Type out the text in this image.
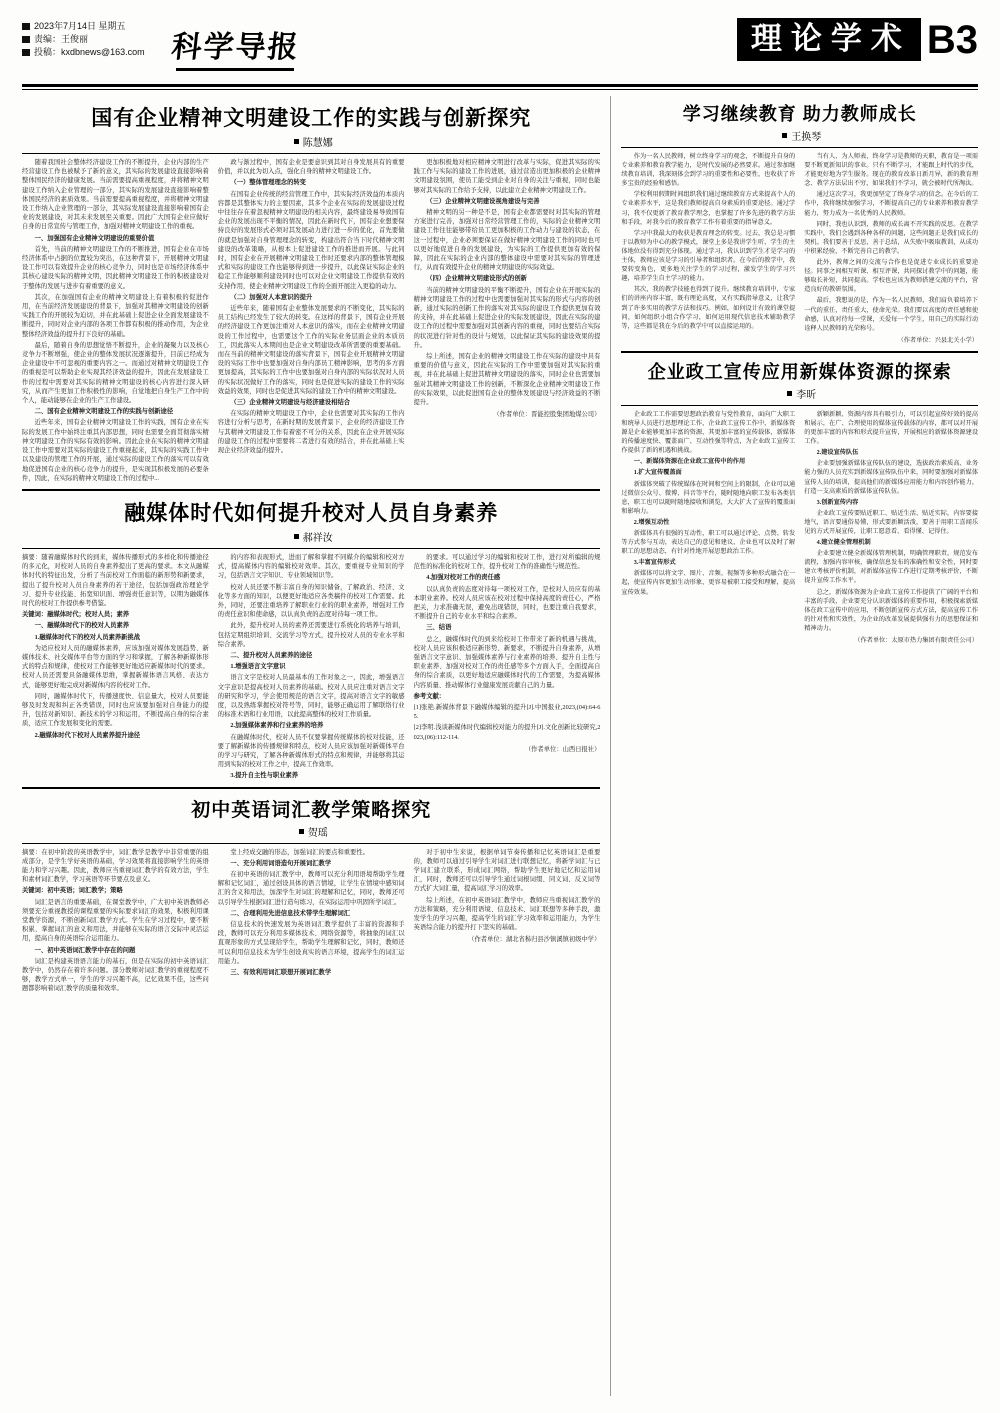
2023年7月14日 星期五
责编：王俊丽
投稿：kxdbnews@163.com 科学导报	理论学术 B3
国有企业精神文明建设工作的实践与创新探究
陈慧娜

随着我国社会整体经济建设工作的不断提升，企业内部的生产经营建设工作也被赋予了新的意义，其实际的发展建设直接影响着整体国民经济的健康发展。当前需要提高重视程度，并将精神文明建设工作纳入企业管理的一部分，其实际的发展建设直接影响着整体国民经济的素质效果。当前需要提高重视程度，并将精神文明建设工作纳入企业管理的一部分，其实际发展建设直接影响着国有企业的发展建设，对其未来发展至关重要。因此广大国有企业应做好自身的日常宣传与管理工作，加强对精神文明建设工作的重视。

一、加强国有企业精神文明建设的重要价值

首先，当前的精神文明建设工作的不断推进，国有企业在市场经济体系中占据的位置较为突出，在这种背景下，开展精神文明建设工作可以有效提升企业的核心竞争力，同时也是市场经济体系中其核心建设实际的精神文明，因此精神文明建设工作的积极建设对于整体的发展与进步有着重要的意义。

其次，在加强国有企业的精神文明建设上有着积极的促进作用，在当前经济发展建设的背景下，加强对其精神文明建设的创新实践工作的开展较为迫切，并在此基础上促进企业全面发展建设不断提升，同时对企业内部的各项工作都有积极的推动作用，为企业整体经济效益的提升打下良好的基础。

最后，随着自身的思想觉悟不断提升，企业的凝聚力以及核心竞争力不断增强，使企业的整体发展状况逐渐提升，目前已经成为企业建设中不可忽视的重要内容之一。而通过对精神文明建设工作的重视是可以帮助企业实现其经济效益的提升，因此在发展建设工作的过程中需要对其实际的精神文明建设的核心内容进行深入研究，从而产生更加工作积极性的影响，自觉地把自身生产工作中的个人，能动能够在企业的生产工作建设。

二、国有企业精神文明建设工作的实践与创新途径

近些年来，国有企业精神文明建设工作的实践，国有企业在实际的发展工作中始终注重其内部思想，同时也需要全面贯彻落实精神文明建设工作的实际有效的影响。因此企业在实际的精神文明建设工作中需要对其实际的建设工作重视起来，其实际的实践工作中以及建设的管理工作的开展，通过实际的建设工作的落实可以有效地促进国有企业的核心竞争力的提升，是实现其积极发展的必要条件，因此，在实际的精神文明建设工作的过程中...

政与渐过程中，国有企业是要意识到其对自身发展具有的重要价值，并以此为切入点，强化自身的精神文明建设工作。

（一）整体管理理念的转变

在国有企业传统的经营管理工作中，其实际经济效益的本质内容都是其整体实力的主要因素，其多个企业在实际的发展建设过程中往往存在着忽视精神文明建设的相关内容，最终建设易导致国有企业的发展出现不平衡的情况，因此在新时代下，国有企业想要保持良好的发展形式必须对其发展动力进行进一步的优化，首先要做的就是加强对自身管理理念的转变，构建出符合当下时代精神文明建设的改革策略，从根本上促进建设工作的推进而开展。与此同时，国有企业在开展精神文明建设工作时还要求内部的整体管理模式和实际的建设工作也能够得到进一步提升，以此保证实际企业的稳定工作能够顺利建设同时也可以对企业文明建设工作提供有效的支持作用，使企业精神文明建设工作的全面开展注入更稳的动力。

（二）加强对人本意识的提升

近些年来，随着国有企业整体发展要求的不断变化，其实际的员工结构已经发生了较大的转变。在这样的背景下，国有企业开展的经济建设工作更加注重对人本意识的落实，而在企业精神文明建设的工作过程中，也需要这个工作的实际业务层面企业的本质员工，因此落实人本期间也是企业文明建设改革所需要的重要基础。而在当前的精神文明建设的落实背景下，国有企业开展精神文明建设的实际工作中也要加强对自身内部员工精神影响，思考的多方面更加提高，其实际的工作中也要加强对自身内部的实际状况对人员的实际状况做好工作的落实，同时也是促进实际的建设工作的实际效益的效果，同时也是促进其实际的建设工作中的精神文明建设。

（三）企业精神文明建设与经济建设相结合

在实际的精神文明建设工作中，企业也需要对其实际的工作内容进行分析与思考，在新时期的发展背景下，企业的经济建设工作与其精神文明建设工作有着密不可分的关系，因此在企业开展实际的建设工作的过程中需要将二者进行有效的结合，并在此基础上实现企业经济效益的提升。

更加积极地对相应精神文明进行改革与实际，促进其实际的实践工作与实际的建设工作的进展，通过营造出更加积极的企业精神文明建设氛围，使员工能受到企业对自身的关注与重视，同时也能够对其实际的工作给予支持，以此建立企业精神文明建设工作。

（三）企业精神文明建设视角建设与完善

精神文明的另一种是不是，国有企业都需要时对其实际的管理方案进行完善，加强对日常经营管理工作的，实际的企业精神文明建设工作往往能够带给员工更加积极的工作动力与建设的状态，在这一过程中，企业必须要保证在做好精神文明建设工作的同时也可以更好地促进自身的发展建设，为实际的工作提供更加有效的保障，因此在实际的企业内部的整体建设中需要对其实际的管理进行，从而有效提升企业的精神文明建设的实际效益。

（四）企业精神文明建设形式的创新

当前的精神文明建设的平衡不断提升，国有企业在开展实际的精神文明建设工作的过程中也需要加强对其实际的形式与内容的创新，通过实际的创新工作的落实对其实际的建设工作提供更加有效的支持，并在此基础上促进企业的实际发展建设，因此在实际的建设工作的过程中需要加强对其创新内容的重视，同时也要结合实际的状况进行针对性的设计与规划，以此保证其实际的建设效果的提升。

综上所述，国有企业的精神文明建设工作在实际的建设中具有重要的价值与意义，因此在实际的工作中需要加强对其实际的重视，并在此基础上促进其精神文明建设的落实，同时企业也需要加强对其精神文明建设工作的创新，不断深化企业精神文明建设工作的实际效果，以此促进国有企业的整体发展建设与经济效益的不断提升。

（作者单位：晋能控股集团地煤公司）

融媒体时代如何提升校对人员自身素养
郝祥汝

摘要：随着融媒体时代的到来，媒体传播形式的多样化和传播途径的多元化，对校对人员的自身素养提出了更高的要求。本文从融媒体时代的特征出发，分析了当前校对工作面临的新形势和新要求，提出了提升校对人员自身素养的若干途径，包括加强政治理论学习、提升专业技能、拓宽知识面、增强责任意识等，以期为融媒体时代的校对工作提供参考借鉴。

关键词：融媒体时代；校对人员；素养

一、融媒体时代下的校对人员素养

1.融媒体时代下的校对人员素养新挑战

为适应校对人员的融媒体素养，应该加强对媒体发展趋势、新媒体技术、社交媒体平台等方面的学习和掌握，了解各种新媒体形式的特点和规律，使校对工作能够更好地适应新媒体时代的要求。校对人员还需要具备融媒体思维，掌握新媒体语言风格、表达方式，能够更好地完成对新媒体内容的校对工作。

同时，融媒体时代下，传播速度快、信息量大，校对人员要能够及时发现和纠正各类错误，同时也应该要加强对自身能力的提升，包括对新知识、新技术的学习和运用，不断提高自身的综合素质，适应工作发展和变化的需要。

2.融媒体时代下校对人员素养提升途径

的内容和表现形式，进而了解和掌握不同媒介的编辑和校对方式，提高媒体内容的编辑校对效率。其次，要重视专业知识的学习，包括语言文字知识、专业领域知识等。

校对人员还要不断丰富自身的知识储备，了解政治、经济、文化等多方面的知识，以便更好地适应各类稿件的校对工作需要。此外，同时，还要注重培养了解职业行业的的职业素养，增强对工作的责任意识和使命感，以认真负责的态度对待每一项工作。

此外，提升校对人员的素养还需要进行系统化的培养与培训，包括定期组织培训、交流学习等方式，提升校对人员的专业水平和综合素养。

二、提升校对人员素养的途径

1.增强语言文字意识

语言文字是校对人员最基本的工作对象之一，因此，增强语言文字意识是提高校对人员素养的基础。校对人员应注重对语言文字的研究和学习，学会使用规范的语言文字，提高对语言文字的敏感度，以及熟练掌握校对符号等，同时，能够正确运用了解联络行业的标准术语和行业用语，以此提高整体的校对工作质量。

2.加强媒体素养和行业素养的培养

在融媒体时代，校对人员不仅要掌握传统媒体的校对技能，还要了解新媒体的传播规律和特点，校对人员应该加强对新媒体平台的学习与研究，了解各种新媒体形式的特点和规律，并能够将其运用到实际的校对工作之中，提高工作效率。

3.提升自主性与职业素养

的要求。可以通过学习的编辑和校对工作，进行对所编辑的规范性的标准化的校对工作，提升校对工作的准确性与规范性。

4.加强对校对工作的责任感

以认真负责的态度对待每一项校对工作，是校对人员应有的基本职业素养。校对人员应该在校对过程中保持高度的责任心，严格把关，力求准确无误，避免出现错误，同时，也要注重自我要求，不断提升自己的专业水平和综合素养。

三、结语

总之，融媒体时代的到来给校对工作带来了新的机遇与挑战，校对人员应该积极适应新形势、新要求，不断提升自身素养，从增强语言文字意识、加强媒体素养与行业素养的培养、提升自主性与职业素养、加强对校对工作的责任感等多个方面入手，全面提高自身的综合素质，以更好地适应融媒体时代的工作需要，为提高媒体内容质量、推动媒体行业健康发展贡献自己的力量。

参考文献：

[1]张艳.新媒体背景下融媒体编辑的提升[J].中国报业,2023,(04):64-65.

[2]李明.浅谈新媒体时代编辑校对能力的提升[J].文化创新比较研究,2023,(06):112-114.

（作者单位：山西日报社）

初中英语词汇教学策略探究
贺瑶

摘要：在初中阶段的英语教学中，词汇教学是教学中非常重要的组成部分，是学生学好英语的基础，学习效果将直接影响学生的英语能力和学习兴趣。因此，教师应当重视词汇教学的有效方法，学生和素材词汇教学，学习英语等环节要点及意义。

关键词：初中英语；词汇教学；策略

词汇是语言的重要基础，在课堂教学中，广大初中英语教师必须要充分重视教授的课程重要的实际要求词汇的效果，积极利用课堂教学资源，不断创新词汇教学方式。学生在学习过程中，要不断积累、掌握词汇的意义和用法，并能够在实际的语言交际中灵活运用，提高自身的英语综合运用能力。

一、初中英语词汇教学中存在的问题

词汇是构建英语语言能力的基石，但是在实际的初中英语词汇教学中，仍然存在着许多问题。部分教师对词汇教学的重视程度不够，教学方式单一，学生的学习兴趣不高，记忆效果不佳，这些问题都影响着词汇教学的质量和效率。

堂上经成交融的形态，加强词汇的要点和重要性。

一、充分利用词语造句开展词汇教学

在初中英语的词汇教学中，教师可以充分利用语境帮助学生理解和记忆词汇，通过创设具体的语言情境，让学生在情境中感知词汇的含义和用法，加深学生对词汇的理解和记忆，同时，教师还可以引导学生根据词汇进行造句练习，在实际运用中巩固所学词汇。

二、合理利用先进信息技术带学生理解词汇

信息技术的快速发展为英语词汇教学提供了丰富的资源和手段，教师可以充分利用多媒体技术、网络资源等，将抽象的词汇以直观形象的方式呈现给学生，帮助学生理解和记忆，同时，教师还可以利用信息技术为学生创设真实的语言环境，提高学生的词汇运用能力。

三、有效利用词汇联想开展词汇教学

对于初中生来说，根据单词节奏传播和记忆英语词汇是重要的，教师可以通过引导学生对词汇进行联想记忆，将新学词汇与已学词汇建立联系，形成词汇网络，帮助学生更好地记忆和运用词汇，同时，教师还可以引导学生通过词根词缀、同义词、反义词等方式扩大词汇量，提高词汇学习的效率。

综上所述，在初中英语词汇教学中，教师应当重视词汇教学的方法和策略，充分利用语境、信息技术、词汇联想等多种手段，激发学生的学习兴趣，提高学生的词汇学习效率和运用能力，为学生英语综合能力的提升打下坚实的基础。

（作者单位：湖北省秭归县沙镇溪镇初级中学）

学习继续教育 助力教师成长
王换琴

作为一名人民教师，树立终身学习的观念，不断提升自身的专业素养和教育教学能力，是时代发展的必然要求。通过参加继续教育培训，我深刻体会到学习的重要性和必要性，也收获了许多宝贵的经验和感悟。

学校利用假期时间组织我们通过继续教育方式来提高个人的专业素养水平，这是我们教师提高自身素质的重要途径。通过学习，我不仅更新了教育教学理念，也掌握了许多先进的教学方法和手段，对我今后的教育教学工作有着重要的指导意义。

学习中我最大的收获是教育理念的转变。过去，我总是习惯于以教师为中心的教学模式，课堂上多是我讲学生听，学生的主体地位没有得到充分体现。通过学习，我认识到学生才是学习的主体，教师应该是学习的引导者和组织者。在今后的教学中，我要转变角色，更多地关注学生的学习过程，激发学生的学习兴趣，培养学生自主学习的能力。

其次，我的教学技能也得到了提升。继续教育培训中，专家们的讲座内容丰富，既有理论高度，又有实践指导意义，让我学到了许多实用的教学方法和技巧。例如，如何设计有效的课堂提问，如何组织小组合作学习，如何运用现代信息技术辅助教学等，这些都是我在今后的教学中可以直接运用的。

当有人、为人师表，终身学习是教师的天职，教育是一项需要不断更新知识的事业。只有不断学习，才能跟上时代的步伐，才能更好地为学生服务。现在的教育改革日新月异，新的教育理念、教学方法层出不穷，如果我们不学习，就会被时代所淘汰。

通过这次学习，我更加坚定了终身学习的信念。在今后的工作中，我将继续加强学习，不断提高自己的专业素养和教育教学能力，努力成为一名优秀的人民教师。

同时，我也认识到，教师的成长离不开实践的反思。在教学实践中，我们会遇到各种各样的问题，这些问题正是我们成长的契机。我们要善于反思，善于总结，从失败中吸取教训，从成功中积累经验，不断完善自己的教学。

此外，教师之间的交流与合作也是促进专业成长的重要途径。同事之间相互听课、相互评课，共同探讨教学中的问题，能够取长补短，共同提高。学校也应该为教师搭建交流的平台，营造良好的教研氛围。

最后，我想说的是，作为一名人民教师，我们肩负着培养下一代的重任，责任重大，使命光荣。我们要以高度的责任感和使命感，认真对待每一堂课，关爱每一个学生，用自己的实际行动诠释人民教师的光荣称号。

（作者单位：兴县北关小学）

企业政工宣传应用新媒体资源的探索
李昕

企业政工工作需要思想政治教育与党性教育，面向广大职工和统导人员进行思想理论工作，企业政工宣传工作中，新媒体资源是企业能够更加丰富的资源，其更加丰富的宣传载体，新媒体的传播速度快、覆盖面广、互动性强等特点，为企业政工宣传工作提供了新的机遇和挑战。

一、新媒体资源在企业政工宣传中的作用

1.扩大宣传覆盖面

新媒体突破了传统媒体在时间和空间上的限制，企业可以通过微信公众号、微博、抖音等平台，随时随地向职工发布各类信息，职工也可以随时随地接收和浏览，大大扩大了宣传的覆盖面和影响力。

2.增强互动性

新媒体具有很强的互动性，职工可以通过评论、点赞、转发等方式参与互动，表达自己的意见和建议，企业也可以及时了解职工的思想动态，有针对性地开展思想政治工作。

3.丰富宣传形式

新媒体可以将文字、图片、音频、视频等多种形式融合在一起，使宣传内容更加生动形象，更容易被职工接受和理解，提高宣传效果。

新颖新颖、资源内容具有吸引力，可以引起宣传好效的提高和展示，在广、合理使用的媒体宣传载体的内容，都可以对开展的更加丰富的内容和形式提升宣传，开展相应的新媒体资源建设工作。

2.建设宣传队伍

企业要加强新媒体宣传队伍的建设，选拔政治素质高、业务能力强的人员充实到新媒体宣传队伍中来，同时要加强对新媒体宣传人员的培训，提高他们的新媒体应用能力和内容创作能力，打造一支高素质的新媒体宣传队伍。

3.创新宣传内容

企业政工宣传要贴近职工、贴近生活、贴近实际，内容要接地气，语言要通俗易懂，形式要新颖活泼，要善于用职工喜闻乐见的方式开展宣传，让职工愿意看、看得懂、记得住。

4.建立健全管理机制

企业要建立健全新媒体管理机制，明确管理职责，规范发布流程，加强内容审核，确保信息发布的准确性和安全性，同时要建立考核评价机制，对新媒体宣传工作进行定期考核评价，不断提升宣传工作水平。

总之，新媒体资源为企业政工宣传工作提供了广阔的平台和丰富的手段，企业要充分认识新媒体的重要作用，积极探索新媒体在政工宣传中的应用，不断创新宣传方式方法，提高宣传工作的针对性和实效性，为企业的改革发展提供强有力的思想保证和精神动力。

（作者单位：太原市热力集团有限责任公司）
